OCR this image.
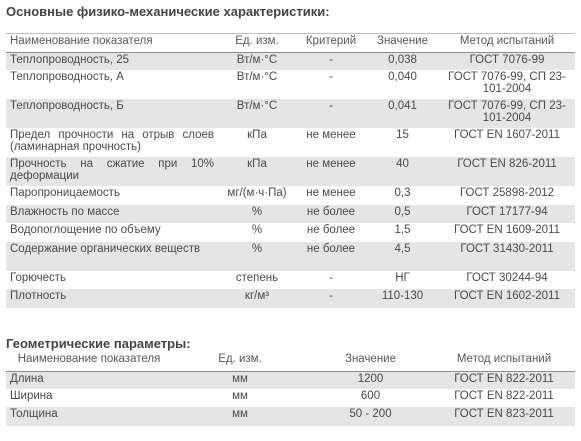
Основные физико-механические характеристики:
Наименование показателя	Ед. изм.	Критерий	Значение	Метод испытаний
Теплопроводность, 25	Вт/м·°С	-	0,038	ГОСТ 7076-99
Теплопроводность, А	Вт/м·°С	-	0,040	ГОСТ 7076-99, СП 23-101-2004
Теплопроводность, Б	Вт/м·°С	-	0,041	ГОСТ 7076-99, СП 23-101-2004
Предел прочности на отрыв слоев (ламинарная прочность)	кПа	не менее	15	ГОСТ EN 1607-2011
Прочность на сжатие при 10% деформации	кПа	не менее	40	ГОСТ EN 826-2011
Паропроницаемость	мг/(м·ч·Па)	не менее	0,3	ГОСТ 25898-2012
Влажность по массе	%	не более	0,5	ГОСТ 17177-94
Водопоглощение по объему	%	не более	1,5	ГОСТ EN 1609-2011
Содержание органических веществ	%	не более	4,5	ГОСТ 31430-2011
Горючесть	степень	-	НГ	ГОСТ 30244-94
Плотность	кг/м³	-	110-130	ГОСТ EN 1602-2011
Геометрические параметры:
Наименование показателя	Ед. изм.	Значение	Метод испытаний
Длина	мм	1200	ГОСТ EN 822-2011
Ширина	мм	600	ГОСТ EN 822-2011
Толщина	мм	50 - 200	ГОСТ EN 823-2011
